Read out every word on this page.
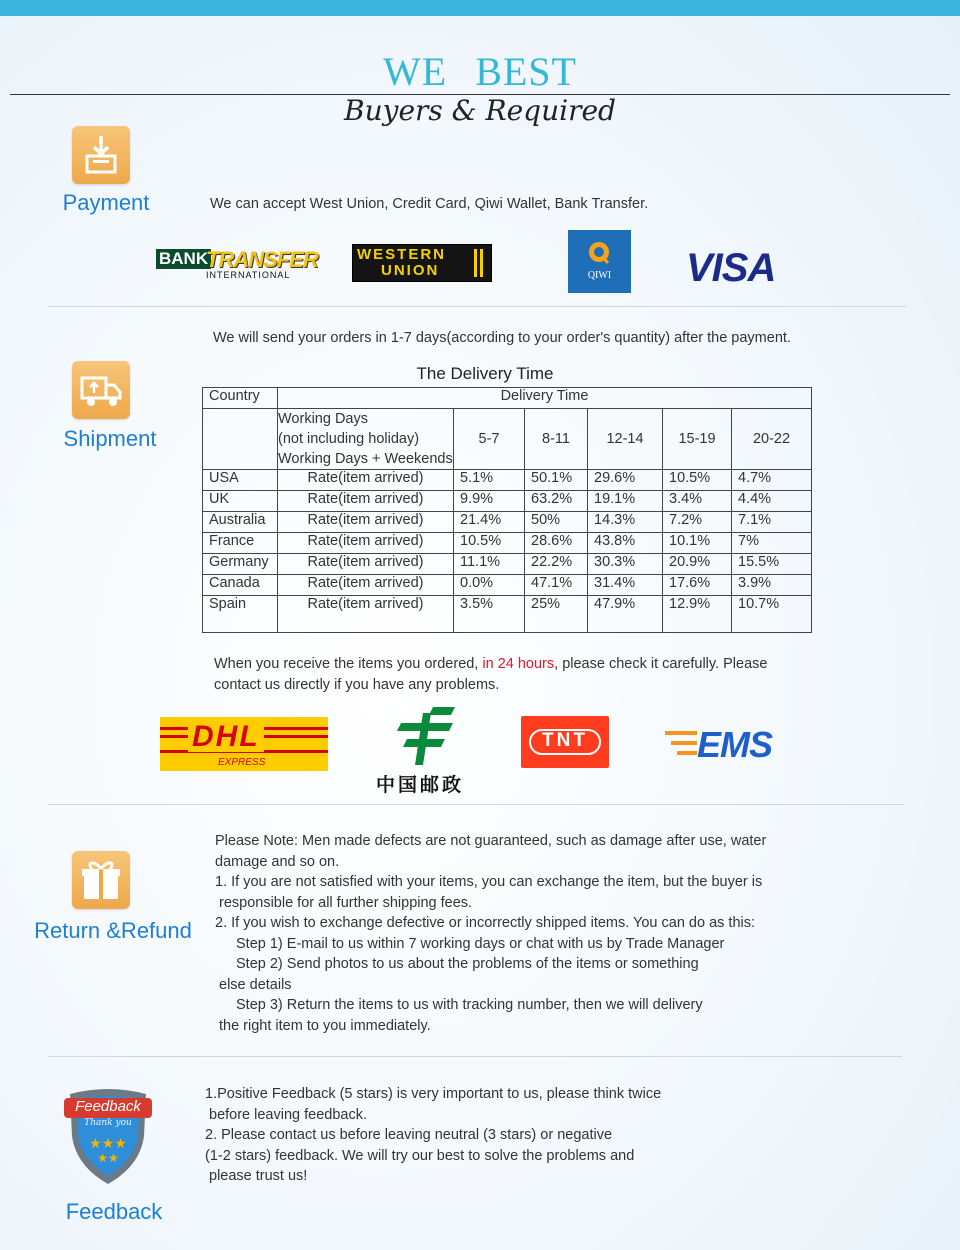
WE BEST
Buyers & Required
Payment	We can accept West Union, Credit Card, Qiwi Wallet, Bank Transfer.
BANK
TRANSFER
INTERNATIONAL
WESTERN
UNION	QIWI	VISA
Shipment
We will send your orders in 1-7 days(according to your order's quantity) after the payment.
The Delivery Time
Country	Delivery Time					

	Working Days
(not including holiday)
Working Days + Weekends	5-7	8-11	12-14	15-19	20-22
USA	Rate(item arrived)	5.1%	50.1%	29.6%	10.5%	4.7%
UK	Rate(item arrived)	9.9%	63.2%	19.1%	3.4%	4.4%
Australia	Rate(item arrived)	21.4%	50%	14.3%	7.2%	7.1%
France	Rate(item arrived)	10.5%	28.6%	43.8%	10.1%	7%
Germany	Rate(item arrived)	11.1%	22.2%	30.3%	20.9%	15.5%
Canada	Rate(item arrived)	0.0%	47.1%	31.4%	17.6%	3.9%
Spain	Rate(item arrived)	3.5%	25%	47.9%	12.9%	10.7%
When you receive the items you ordered, in 24 hours, please check it carefully. Please
contact us directly if you have any problems.
DHL
EXPRESS
中国邮政
TNT	EMS
Return &Refund
Please Note: Men made defects are not guaranteed, such as damage after use, water
damage and so on.
1. If you are not satisfied with your items, you can exchange the item, but the buyer is
responsible for all further shipping fees.
2. If you wish to exchange defective or incorrectly shipped items. You can do as this:
Step 1) E-mail to us within 7 working days or chat with us by Trade Manager
Step 2) Send photos to us about the problems of the items or something
else details
Step 3) Return the items to us with tracking number, then we will delivery
the right item to you immediately.
★★★
★★
Feedback
Thank you
Feedback
1.Positive Feedback (5 stars) is very important to us, please think twice
before leaving feedback.
2. Please contact us before leaving neutral (3 stars) or negative
(1-2 stars) feedback. We will try our best to solve the problems and
please trust us!
